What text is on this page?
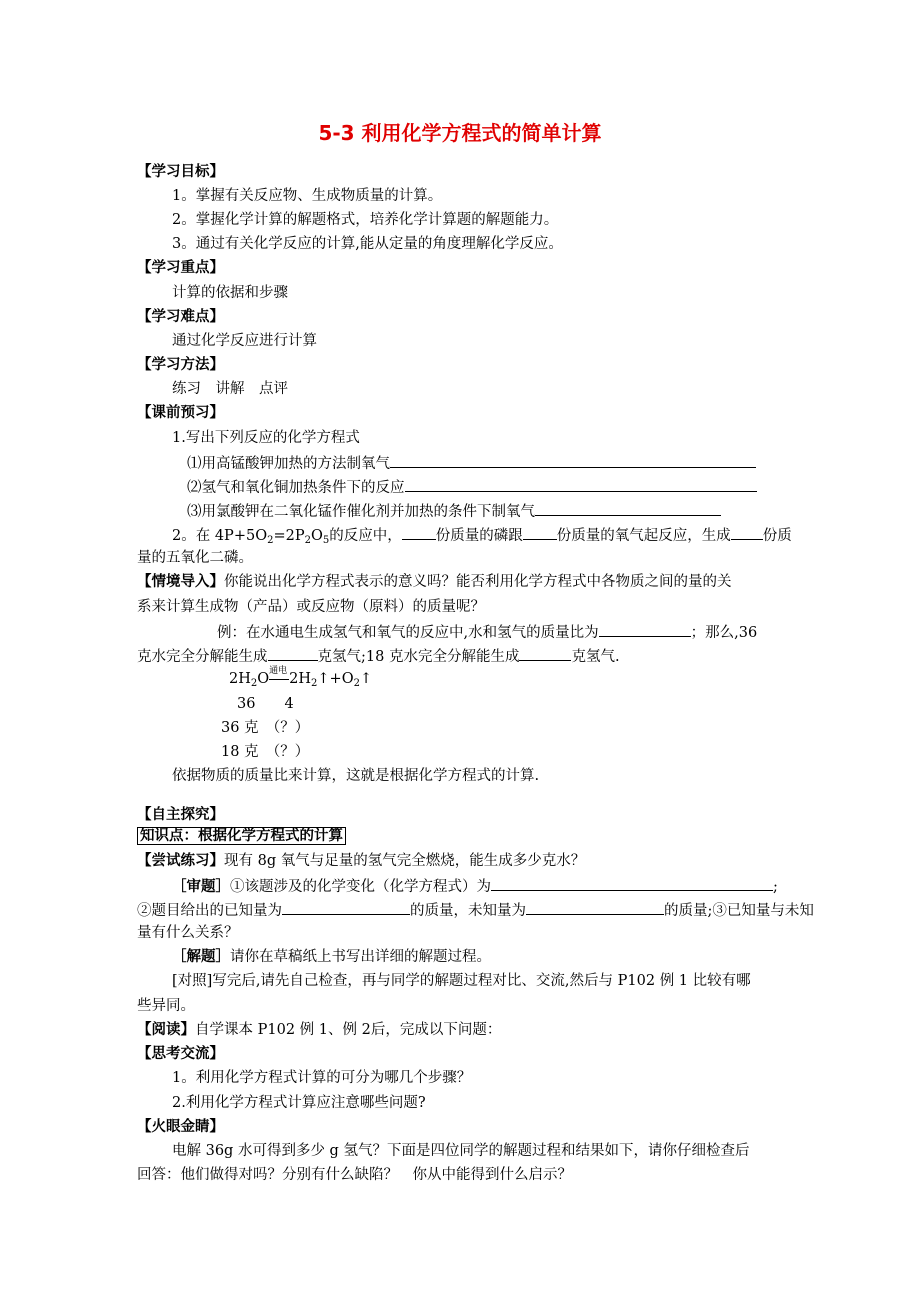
5-3 利用化学方程式的简单计算
【学习目标】
1。掌握有关反应物、生成物质量的计算。
2。掌握化学计算的解题格式，培养化学计算题的解题能力。
3。通过有关化学反应的计算,能从定量的角度理解化学反应。
【学习重点】
计算的依据和步骤
【学习难点】
通过化学反应进行计算
【学习方法】
练习　讲解　点评
【课前预习】
1.写出下列反应的化学方程式
⑴用高锰酸钾加热的方法制氧气
⑵氢气和氧化铜加热条件下的反应
⑶用氯酸钾在二氧化锰作催化剂并加热的条件下制氧气
2。在 $4P+5O_2=2P_2O_5$的反应中， 份质量的磷跟 份质量的氧气起反应，生成 份质
量的五氧化二磷。
【情境导入】你能说出化学方程式表示的意义吗？能否利用化学方程式中各物质之间的量的关
系来计算生成物（产品）或反应物（原料）的质量呢？
例：在水通电生成氢气和氧气的反应中,水和氢气的质量比为	；那么,36
克水完全分解能生成	克氢气;18 克水完全分解能生成	克氢气.
$2H_2O$ 通电 $2H_2↑+O_2↑$
36　　4
36 克　（？）
18 克　（？）
依据物质的质量比来计算，这就是根据化学方程式的计算.
【自主探究】
知识点：根据化学方程式的计算
【尝试练习】现有 8g 氧气与足量的氢气完全燃烧，能生成多少克水？
［审题］①该题涉及的化学变化（化学方程式）为	;
②题目给出的已知量为	的质量，未知量为	的质量;③已知量与未知
量有什么关系？
［解题］请你在草稿纸上书写出详细的解题过程。
[对照]写完后,请先自己检查，再与同学的解题过程对比、交流,然后与 P102 例 1 比较有哪
些异同。
【阅读】自学课本 P102 例 1、例 2后，完成以下问题：
【思考交流】
1。利用化学方程式计算的可分为哪几个步骤？
2.利用化学方程式计算应注意哪些问题?
【火眼金睛】
电解 36g 水可得到多少 g 氢气？下面是四位同学的解题过程和结果如下，请你仔细检查后
回答：他们做得对吗？分别有什么缺陷？　你从中能得到什么启示？
